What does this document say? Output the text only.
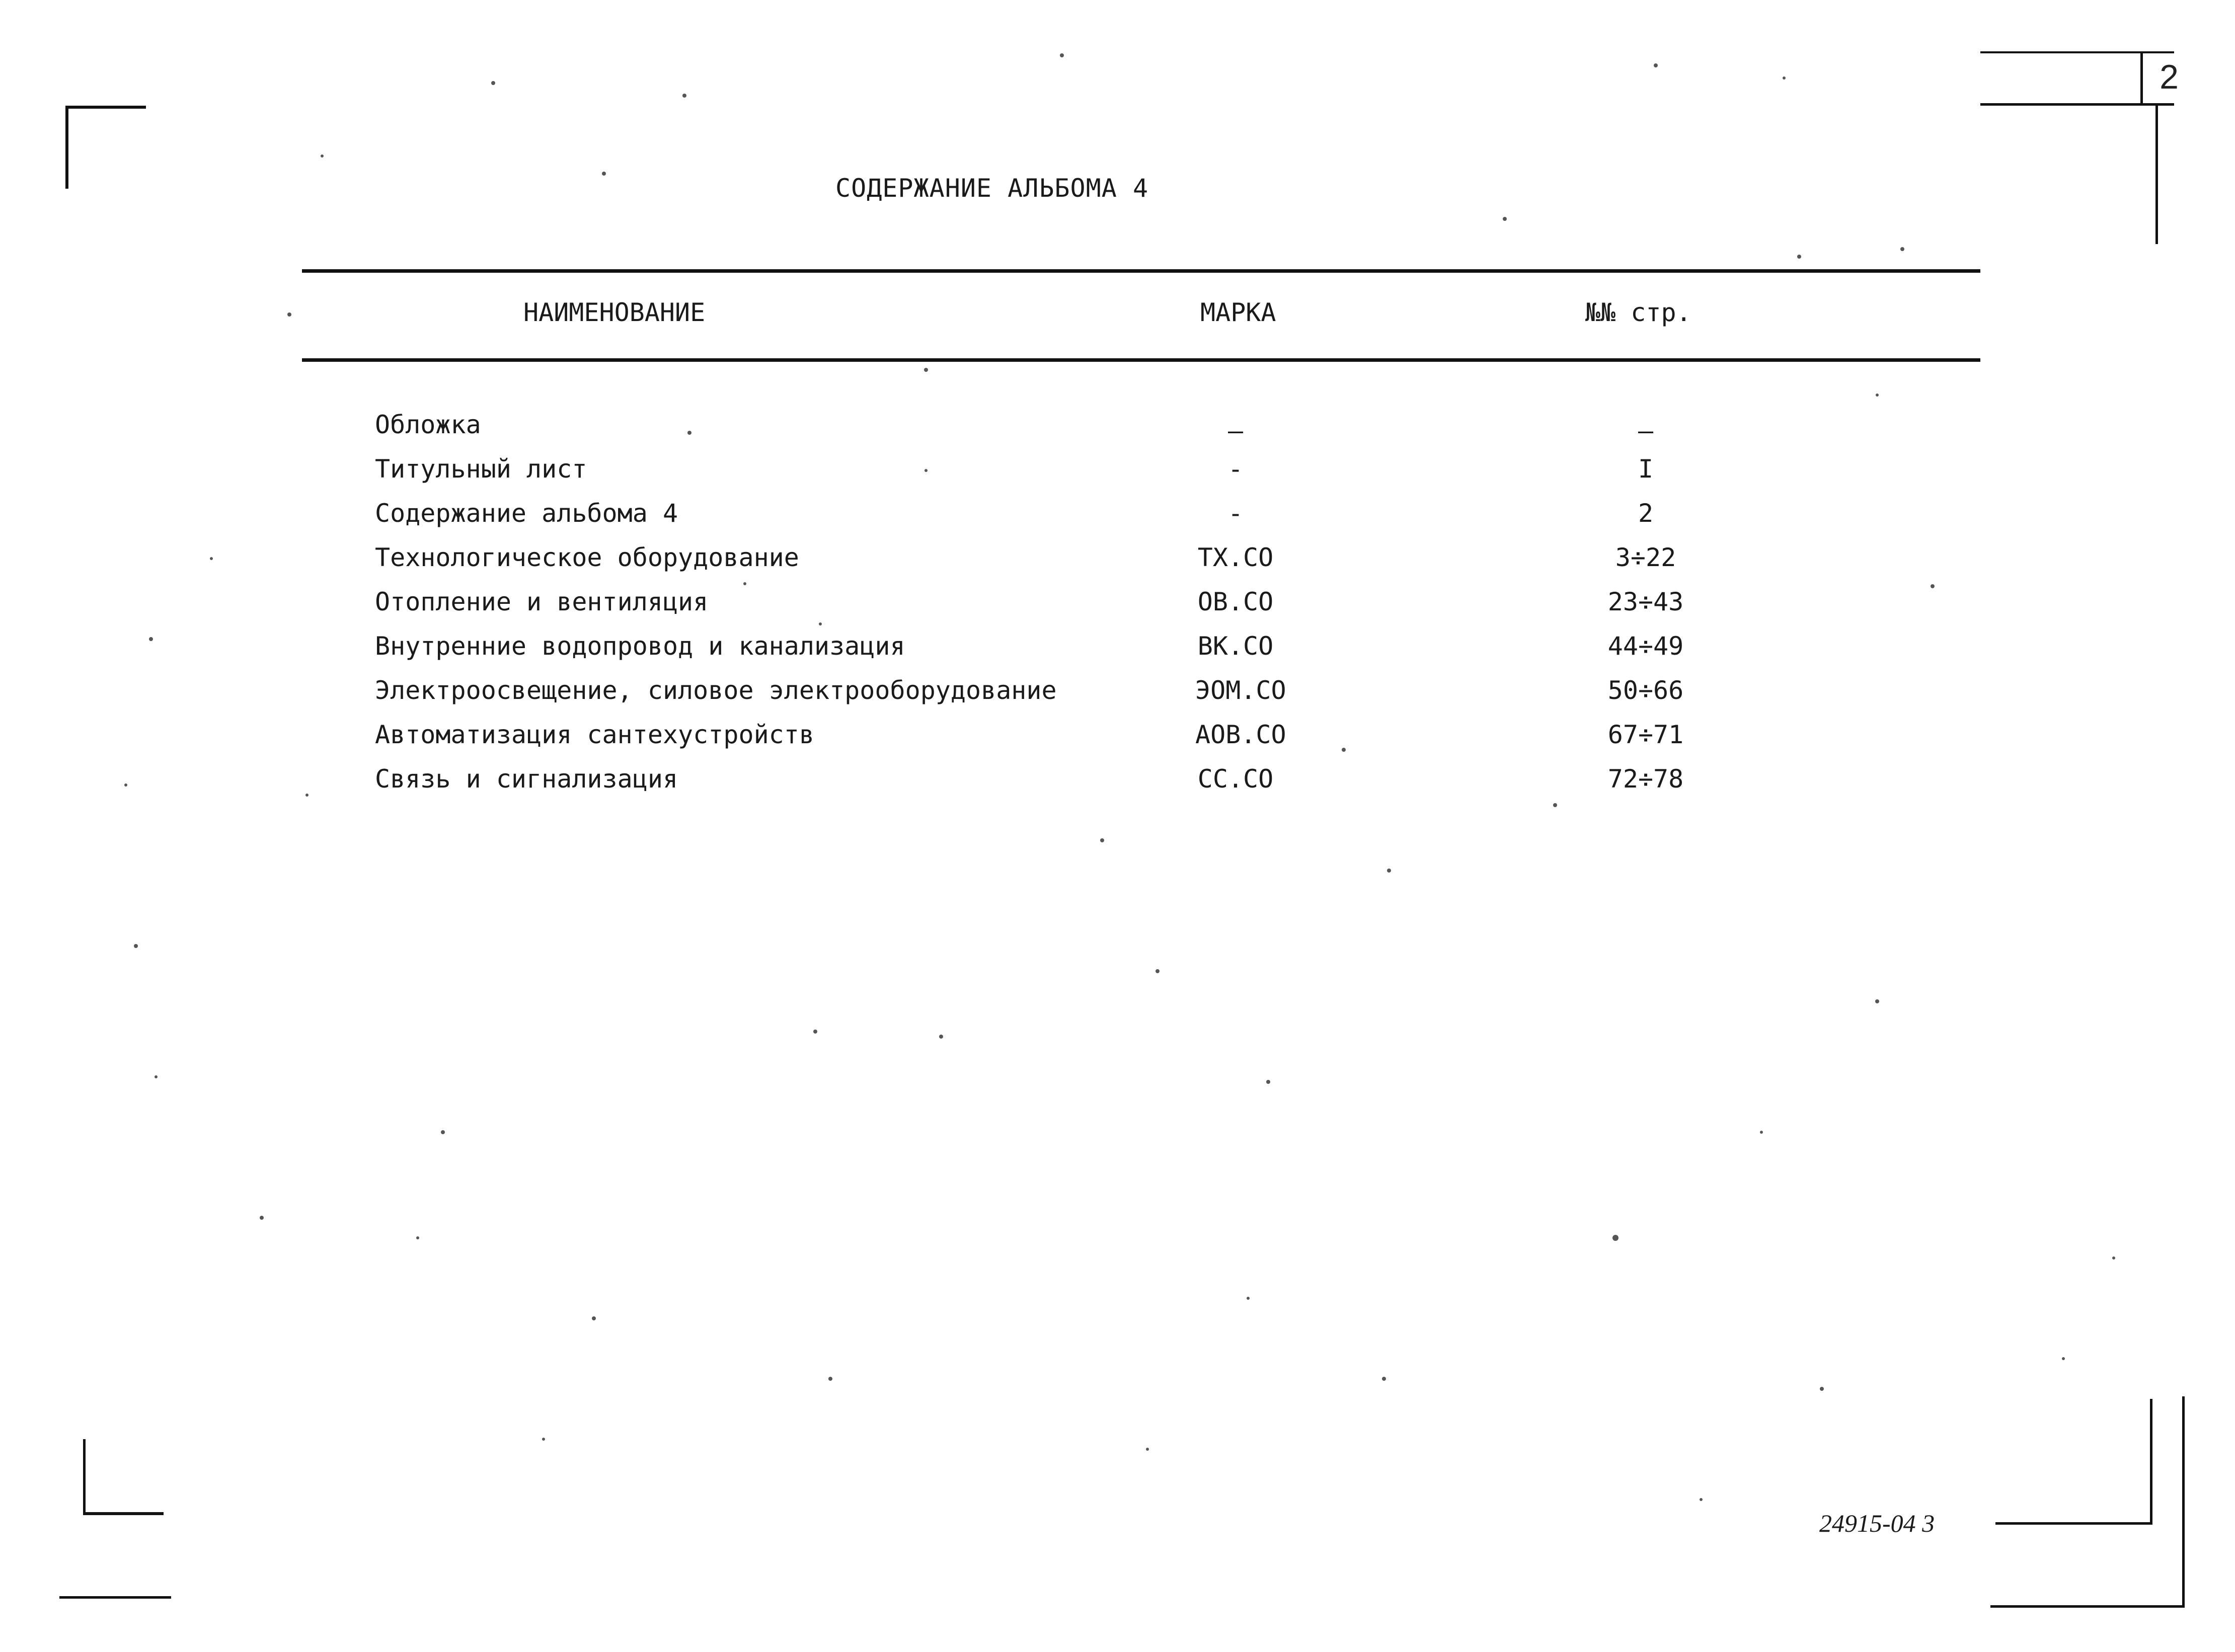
2
СОДЕРЖАНИЕ АЛЬБОМА 4
НАИМЕНОВАНИЕ	МАРКА	№№ стр.
Обложка	–	–
Титульный лист	-	I
Содержание альбома 4	-	2
Технологическое оборудование	ТХ.СО	3÷22
Отопление и вентиляция	ОВ.СО	23÷43
Внутренние водопровод и канализация	ВК.СО	44÷49
Электроосвещение, силовое электрооборудование	ЭОМ.СО	50÷66
Автоматизация сантехустройств	АОВ.СО	67÷71
Связь и сигнализация	СС.СО	72÷78
24915-04 3
